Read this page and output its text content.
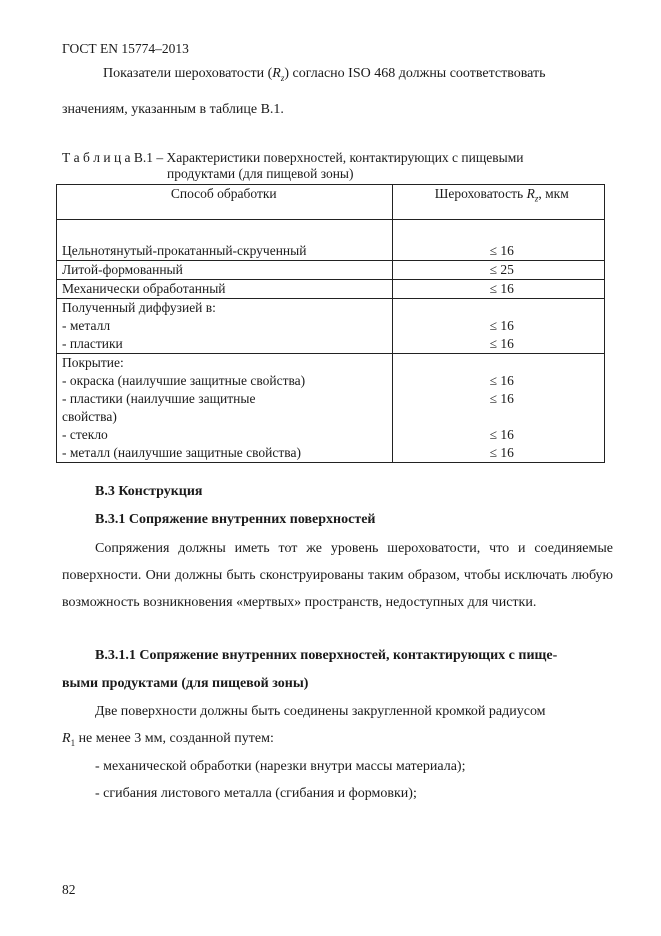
ГОСТ EN 15774–2013
Показатели шероховатости $(R_z)$ согласно ISO 468 должны соответствовать
значениям, указанным в таблице В.1.
Т а б л и ц а В.1 – Характеристики поверхностей, контактирующих с пищевыми
продуктами (для пищевой зоны)
Способ обработки	Шероховатость $R_z$, мкм

Цельнотянутый-прокатанный-скрученный	≤ 16
Литой-формованный	≤ 25
Механически обработанный	≤ 16
Полученный диффузией в:	
- металл	≤ 16
- пластики	≤ 16
Покрытие:	
- окраска (наилучшие защитные свойства)	≤ 16
- пластики (наилучшие защитные	≤ 16
свойства)	
- стекло	≤ 16
- металл (наилучшие защитные свойства)	≤ 16
В.3 Конструкция
В.3.1 Сопряжение внутренних поверхностей
Сопряжения должны иметь тот же уровень шероховатости, что и соединяемые поверхности. Они должны быть сконструированы таким образом, чтобы исключать любую возможность возникновения «мертвых» пространств, недоступных для чистки.
В.3.1.1 Сопряжение внутренних поверхностей, контактирующих с пище-
выми продуктами (для пищевой зоны)
Две поверхности должны быть соединены закругленной кромкой радиусом
$R_1$ не менее 3 мм, созданной путем:
- механической обработки (нарезки внутри массы материала);
- сгибания листового металла (сгибания и формовки);
82
